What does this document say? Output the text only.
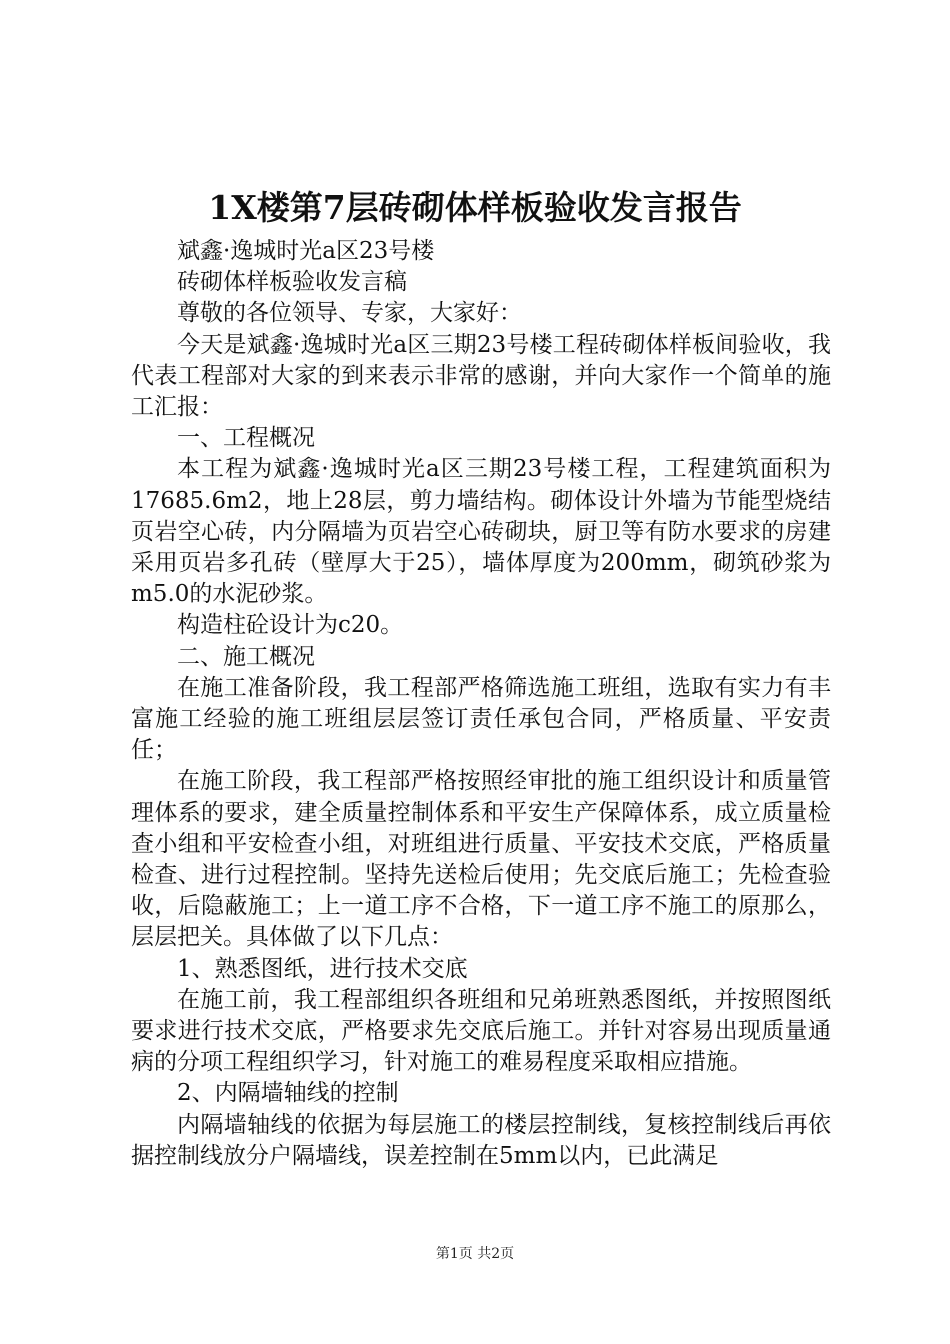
1X楼第7层砖砌体样板验收发言报告

斌鑫·逸城时光a区23号楼

砖砌体样板验收发言稿

尊敬的各位领导、专家，大家好：

今天是斌鑫·逸城时光a区三期23号楼工程砖砌体样板间验收，我代表工程部对大家的到来表示非常的感谢，并向大家作一个简单的施工汇报：

一、工程概况

本工程为斌鑫·逸城时光a区三期23号楼工程，工程建筑面积为17685.6m2，地上28层，剪力墙结构。砌体设计外墙为节能型烧结页岩空心砖，内分隔墙为页岩空心砖砌块，厨卫等有防水要求的房建采用页岩多孔砖（壁厚大于25），墙体厚度为200mm，砌筑砂浆为m5.0的水泥砂浆。

构造柱砼设计为c20。

二、施工概况

在施工准备阶段，我工程部严格筛选施工班组，选取有实力有丰富施工经验的施工班组层层签订责任承包合同，严格质量、平安责任；

在施工阶段，我工程部严格按照经审批的施工组织设计和质量管理体系的要求，建全质量控制体系和平安生产保障体系，成立质量检查小组和平安检查小组，对班组进行质量、平安技术交底，严格质量检查、进行过程控制。坚持先送检后使用；先交底后施工；先检查验收，后隐蔽施工；上一道工序不合格，下一道工序不施工的原那么，层层把关。具体做了以下几点：

1、熟悉图纸，进行技术交底

在施工前，我工程部组织各班组和兄弟班熟悉图纸，并按照图纸要求进行技术交底，严格要求先交底后施工。并针对容易出现质量通病的分项工程组织学习，针对施工的难易程度采取相应措施。

2、内隔墙轴线的控制

内隔墙轴线的依据为每层施工的楼层控制线，复核控制线后再依据控制线放分户隔墙线，误差控制在5mm以内，已此满足

第1页 共2页
